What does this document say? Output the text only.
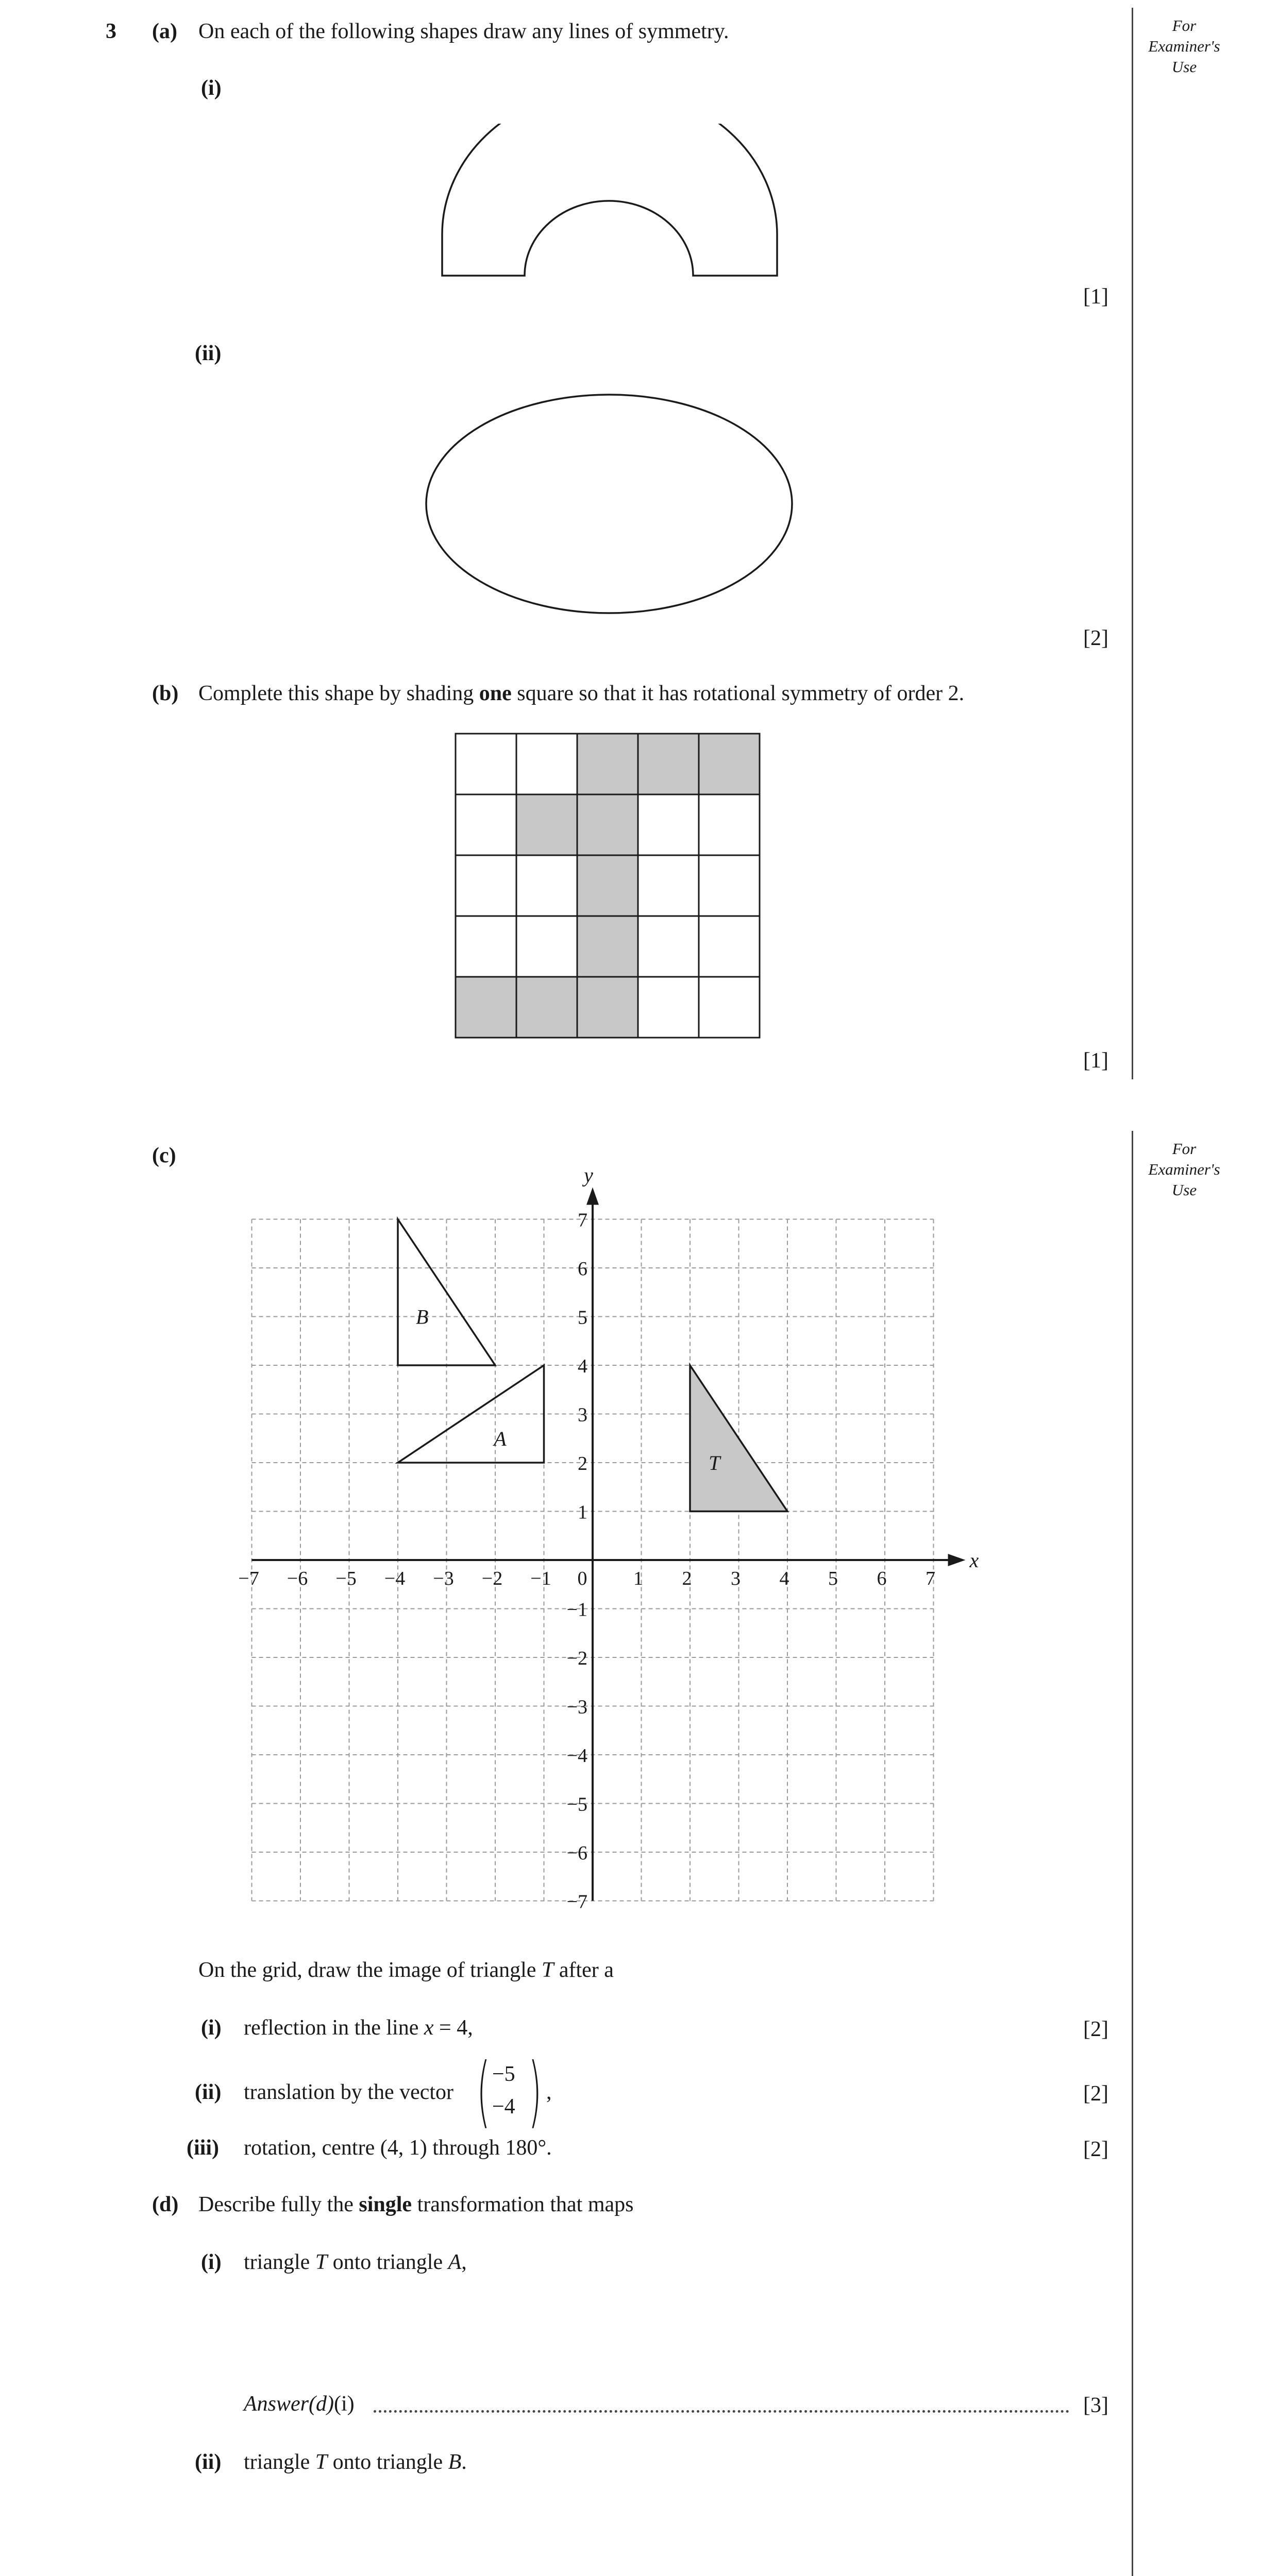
For
Examiner's
Use
For
Examiner's
Use
3 (a) On each of the following shapes draw any lines of symmetry.
(i)
[1]
(ii)
[2]
(b) Complete this shape by shading one square so that it has rotational symmetry of order 2.
[1]
(c)
B
A
T
x
y
−7 −6 −5 −4 −3 −2 −1 0 1 2 3 4 5 6 7
1
2
3
4
5
6
7
−1
−2
−3
−4
−5
−6
−7
On the grid, draw the image of triangle T after a
(i) reflection in the line x = 4,	[2]
(ii) translation by the vector ( −5
−4 ) ,	[2]
(iii) rotation, centre (4, 1) through 180°.	[2]
(d) Describe fully the single transformation that maps
(i) triangle T onto triangle A,
Answer(d)(i)	[3]
(ii) triangle T onto triangle B.
